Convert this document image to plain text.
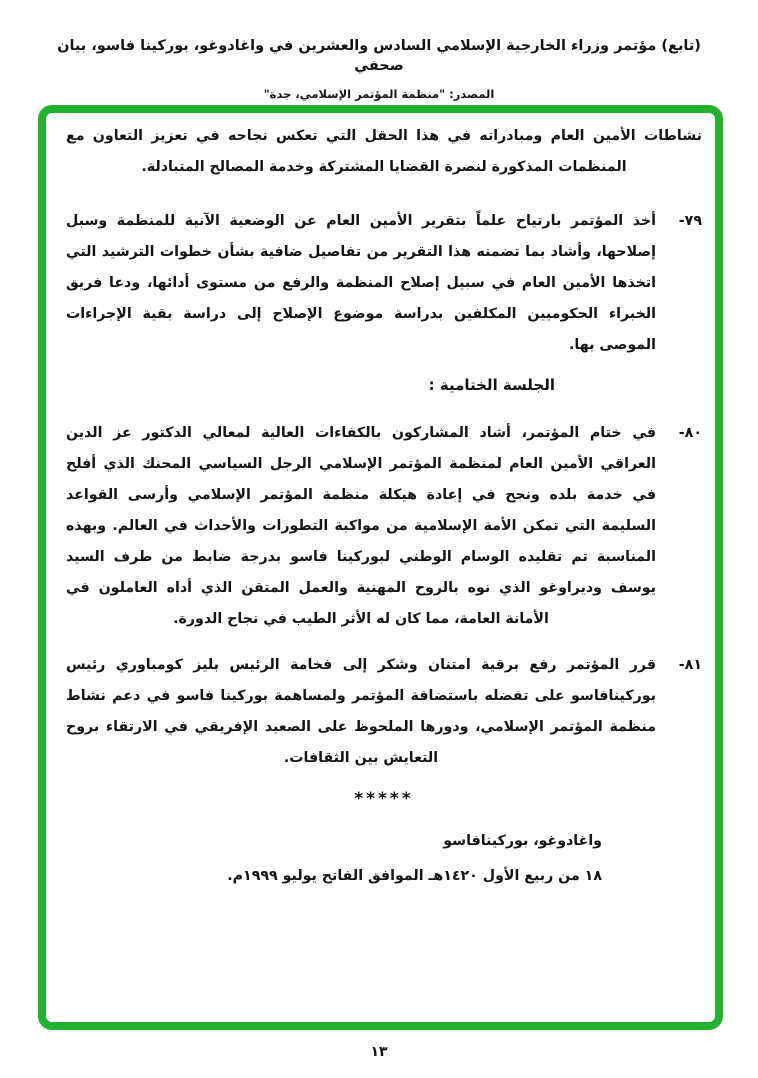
(تابع) مؤتمر وزراء الخارجية الإسلامي السادس والعشرين في واغادوغو، بوركينا فاسو، بيان صحفي
المصدر: "منظمة المؤتمر الإسلامي، جدة"

نشاطات الأمين العام ومبادراته في هذا الحقل التي تعكس نجاحه في تعزيز التعاون مع المنظمات المذكورة لنصرة القضايا المشتركة وخدمة المصالح المتبادلة.

٧٩-

أخذ المؤتمر بارتياح علماً بتقرير الأمين العام عن الوضعية الآنية للمنظمة وسبل إصلاحها، وأشاد بما تضمنه هذا التقرير من تفاصيل ضافية بشأن خطوات الترشيد التي اتخذها الأمين العام في سبيل إصلاح المنظمة والرفع من مستوى أدائها، ودعا فريق الخبراء الحكوميين المكلفين بدراسة موضوع الإصلاح إلى دراسة بقية الإجراءات الموصى بها.

الجلسة الختامية :
٨٠-

في ختام المؤتمر، أشاد المشاركون بالكفاءات العالية لمعالي الدكتور عز الدين العراقي الأمين العام لمنظمة المؤتمر الإسلامي الرجل السياسي المحنك الذي أفلح في خدمة بلده ونجح في إعادة هيكلة منظمة المؤتمر الإسلامي وأرسى القواعد السليمة التي تمكن الأمة الإسلامية من مواكبة التطورات والأحداث في العالم. وبهذه المناسبة تم تقليده الوسام الوطني لبوركينا فاسو بدرجة ضابط من طرف السيد يوسف وديراوغو الذي نوه بالروح المهنية والعمل المتقن الذي أداه العاملون في الأمانة العامة، مما كان له الأثر الطيب في نجاح الدورة.

٨١-

قرر المؤتمر رفع برقية امتنان وشكر إلى فخامة الرئيس بليز كومباوري رئيس بوركينافاسو على تفضله باستضافة المؤتمر ولمساهمة بوركينا فاسو في دعم نشاط منظمة المؤتمر الإسلامي، ودورها الملحوظ على الصعيد الإفريقي في الارتقاء بروح التعايش بين الثقافات.

*****
واغادوغو، بوركينافاسو
١٨ من ربيع الأول ١٤٢٠هـ الموافق الفاتح يوليو ١٩٩٩م.
١٣
